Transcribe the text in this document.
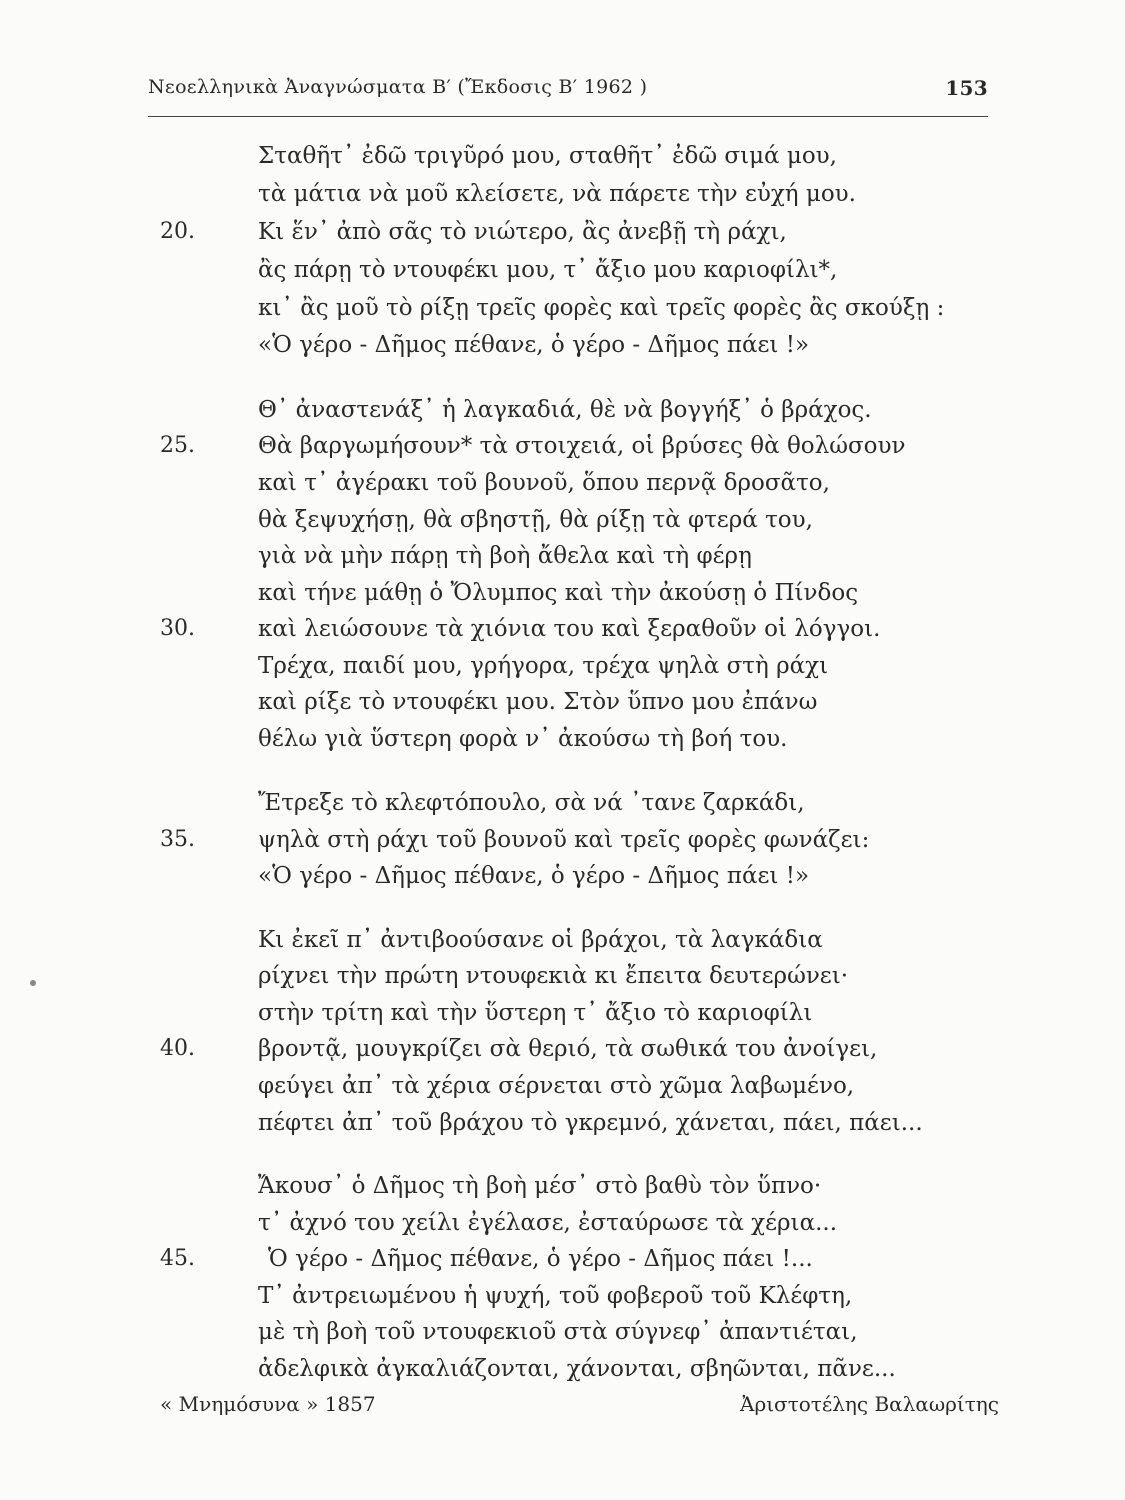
Νεοελληνικὰ Ἀναγνώσματα Β′ (Ἔκδοσις Β′ 1962 )	153
Σταθῆτ᾽ ἐδῶ τριγῦρό μου, σταθῆτ᾽ ἐδῶ σιμά μου,
τὰ μάτια νὰ μοῦ κλείσετε, νὰ πάρετε τὴν εὐχή μου.
20.	Κι ἕν᾽ ἀπὸ σᾶς τὸ νιώτερο, ἂς ἀνεβῇ τὴ ράχι,
ἂς πάρῃ τὸ ντουφέκι μου, τ᾽ ἄξιο μου καριοφίλι*,
κι᾽ ἂς μοῦ τὸ ρίξῃ τρεῖς φορὲς καὶ τρεῖς φορὲς ἂς σκούξῃ :
«Ὁ γέρο - Δῆμος πέθανε, ὁ γέρο - Δῆμος πάει !»
Θ᾽ ἀναστενάξ᾽ ἡ λαγκαδιά, θὲ νὰ βογγήξ᾽ ὁ βράχος.
25.	Θὰ βαργωμήσουν* τὰ στοιχειά, οἱ βρύσες θὰ θολώσουν
καὶ τ᾽ ἀγέρακι τοῦ βουνοῦ, ὅπου περνᾷ δροσᾶτο,
θὰ ξεψυχήσῃ, θὰ σβηστῇ, θὰ ρίξῃ τὰ φτερά του,
γιὰ νὰ μὴν πάρῃ τὴ βοὴ ἄθελα καὶ τὴ φέρῃ
καὶ τήνε μάθῃ ὁ Ὄλυμπος καὶ τὴν ἀκούσῃ ὁ Πίνδος
30.	καὶ λειώσουνε τὰ χιόνια του καὶ ξεραθοῦν οἱ λόγγοι.
Τρέχα, παιδί μου, γρήγορα, τρέχα ψηλὰ στὴ ράχι
καὶ ρίξε τὸ ντουφέκι μου. Στὸν ὕπνο μου ἐπάνω
θέλω γιὰ ὕστερη φορὰ ν᾽ ἀκούσω τὴ βοή του.
Ἔτρεξε τὸ κλεφτόπουλο, σὰ νά ᾽τανε ζαρκάδι,
35.	ψηλὰ στὴ ράχι τοῦ βουνοῦ καὶ τρεῖς φορὲς φωνάζει:
«Ὁ γέρο - Δῆμος πέθανε, ὁ γέρο - Δῆμος πάει !»
Κι ἐκεῖ π᾽ ἀντιβοούσανε οἱ βράχοι, τὰ λαγκάδια
ρίχνει τὴν πρώτη ντουφεκιὰ κι ἔπειτα δευτερώνει·
στὴν τρίτη καὶ τὴν ὕστερη τ᾽ ἄξιο τὸ καριοφίλι
40.	βροντᾷ, μουγκρίζει σὰ θεριό, τὰ σωθικά του ἀνοίγει,
φεύγει ἀπ᾽ τὰ χέρια σέρνεται στὸ χῶμα λαβωμένο,
πέφτει ἀπ᾽ τοῦ βράχου τὸ γκρεμνό, χάνεται, πάει, πάει...
Ἄκουσ᾽ ὁ Δῆμος τὴ βοὴ μέσ᾽ στὸ βαθὺ τὸν ὕπνο·
τ᾽ ἀχνό του χείλι ἐγέλασε, ἐσταύρωσε τὰ χέρια...
45.	Ὁ γέρο - Δῆμος πέθανε, ὁ γέρο - Δῆμος πάει !...
Τ᾽ ἀντρειωμένου ἡ ψυχή, τοῦ φοβεροῦ τοῦ Κλέφτη,
μὲ τὴ βοὴ τοῦ ντουφεκιοῦ στὰ σύγνεφ᾽ ἀπαντιέται,
ἀδελφικὰ ἀγκαλιάζονται, χάνονται, σβηῶνται, πᾶνε...
« Μνημόσυνα » 1857	Ἀριστοτέλης Βαλαωρίτης
